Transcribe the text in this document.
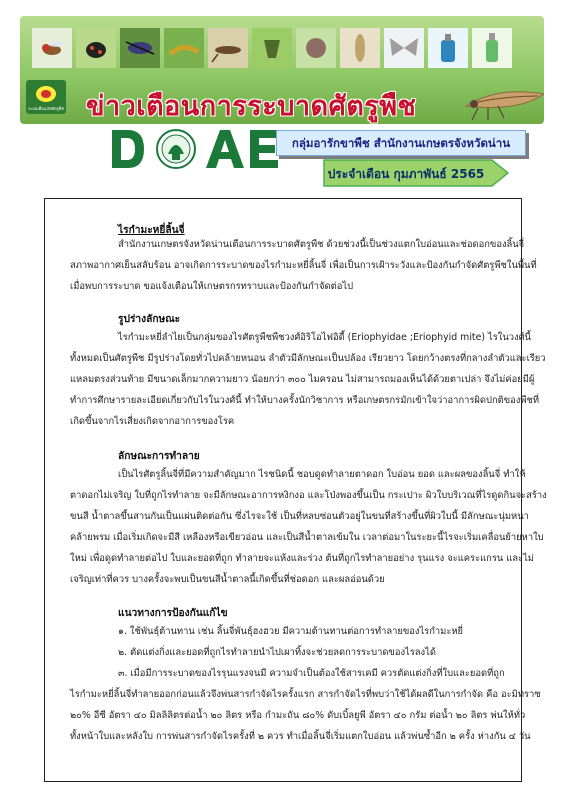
ระบบเตือนภัยศัตรูพืช ข่าวเตือนการระบาดศัตรูพืช
กลุ่มอารักขาพืช สำนักงานเกษตรจังหวัดน่าน
ประจำเดือน กุมภาพันธ์ 2565
ไรกำมะหยี่ลิ้นจี่
สำนักงานเกษตรจังหวัดน่านเตือนการระบาดศัตรูพืช ด้วยช่วงนี้เป็นช่วงแตกใบอ่อนและช่อดอกของลิ้นจี่
สภาพอากาศเย็นสลับร้อน อาจเกิดการระบาดของไรกำมะหยี่ลิ้นจี่ เพื่อเป็นการเฝ้าระวังและป้องกันกำจัดศัตรูพืชในพื้นที่
เมื่อพบการระบาด ขอแจ้งเตือนให้เกษตรกรทราบและป้องกันกำจัดต่อไป
รูปร่างลักษณะ
ไรกำมะหยี่ลำไยเป็นกลุ่มของไรศัตรูพืชพืชวงศ์อิริโอไฟอิดี้ (Eriophyidae ;Eriophyid mite) ไรในวงศ์นี้
ทั้งหมดเป็นศัตรูพืช มีรูปร่างโดยทั่วไปคล้ายหนอน ลำตัวมีลักษณะเป็นปล้อง เรียวยาว โดยกว้างตรงที่กลางลำตัวและเรียว
แหลมตรงส่วนท้าย มีขนาดเล็กมากความยาว น้อยกว่า ๓๐๐ ไมครอน ไม่สามารถมองเห็นได้ด้วยตาเปล่า จึงไม่ค่อยมีผู้
ทำการศึกษารายละเอียดเกี่ยวกับไรในวงศ์นี้ ทำให้บางครั้งนักวิชาการ หรือเกษตรกรมักเข้าใจว่าอาการผิดปกติของพืชที่
เกิดขึ้นจากไรเสี่ยงเกิดจากอาการของโรค
ลักษณะการทำลาย
เป็นไรศัตรูลิ้นจี่ที่มีความสำคัญมาก ไรชนิดนี้ ชอบดูดทำลายตาดอก ใบอ่อน ยอด และผลของลิ้นจี่ ทำให้
ตาดอกไม่เจริญ ใบที่ถูกไรทำลาย จะมีลักษณะอาการหงิกงอ และโป่งพองขึ้นเป็น กระเปาะ ผิวใบบริเวณที่ไรดูดกินจะสร้าง
ขนสี น้ำตาลขึ้นสานกันเป็นแผ่นติดต่อกัน ซึ่งไรจะใช้ เป็นที่หลบซ่อนตัวอยู่ในขนที่สร้างขึ้นที่ผิวใบนี้ มีลักษณะนุ่มหนา
คล้ายพรม เมื่อเริ่มเกิดจะมีสี เหลืองหรือเขียวอ่อน และเป็นสีน้ำตาลเข้มใน เวลาต่อมาในระยะนี้ไรจะเริ่มเคลื่อนย้ายหาใบ
ใหม่ เพื่อดูดทำลายต่อไป ใบและยอดที่ถูก ทำลายจะแห้งและร่วง ต้นที่ถูกไรทำลายอย่าง รุนแรง จะแคระแกรน และไม่
เจริญเท่าที่ควร บางครั้งจะพบเป็นขนสีน้ำตาลนี้เกิดขึ้นที่ช่อดอก และผลอ่อนด้วย
แนวทางการป้องกันแก้ไข
๑. ใช้พันธุ์ต้านทาน เช่น ลิ้นจี่พันธุ์ฮงฮวย มีความต้านทานต่อการทำลายของไรกำมะหยี่
๒. ตัดแต่งกิ่งและยอดที่ถูกไรทำลายนำไปเผาทิ้งจะช่วยลดการระบาดของไรลงได้
๓. เมื่อมีการระบาดของไรรุนแรงจนมี ความจำเป็นต้องใช้สารเคมี ควรตัดแต่งกิ่งที่ใบและยอดที่ถูก
ไรกำมะหยี่ลิ้นจี่ทำลายออกก่อนแล้วจึงพ่นสารกำจัดไรครั้งแรก สารกำจัดไรที่พบว่าใช้ได้ผลดีในการกำจัด คือ อะมิทราซ
๒๐% อีซี อัตรา ๔๐ มิลลิลิตรต่อน้ำ ๒๐ ลิตร หรือ กำมะถัน ๘๐% ดับเบิ้ลยูพี อัตรา ๔๐ กรัม ต่อน้ำ ๒๐ ลิตร พ่นให้ทั่ว
ทั้งหน้าใบและหลังใบ การพ่นสารกำจัดไรครั้งที่ ๒ ควร ทำเมื่อลิ้นจี่เริ่มแตกใบอ่อน แล้วพ่นซ้ำอีก ๒ ครั้ง ห่างกัน ๔ วัน
